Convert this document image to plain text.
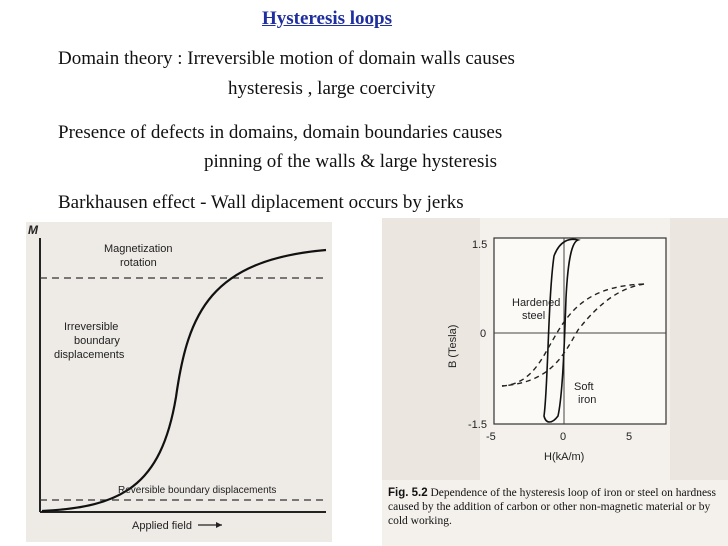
Hysteresis loops
Domain theory : Irreversible motion of domain walls causes
hysteresis , large coercivity
Presence of defects in domains, domain boundaries causes
pinning of the walls & large hysteresis
Barkhausen effect - Wall diplacement occurs by jerks
M
Magnetization
rotation
Irreversible
boundary
displacements
Reversible boundary displacements
Applied field
Hardened
steel
Soft
iron
1.5
0
-1.5
-5	0	5
H(kA/m)
B (Tesla)
Fig. 5.2 Dependence of the hysteresis loop of iron or steel on hardness caused by the addition of carbon or other non-magnetic material or by cold working.
